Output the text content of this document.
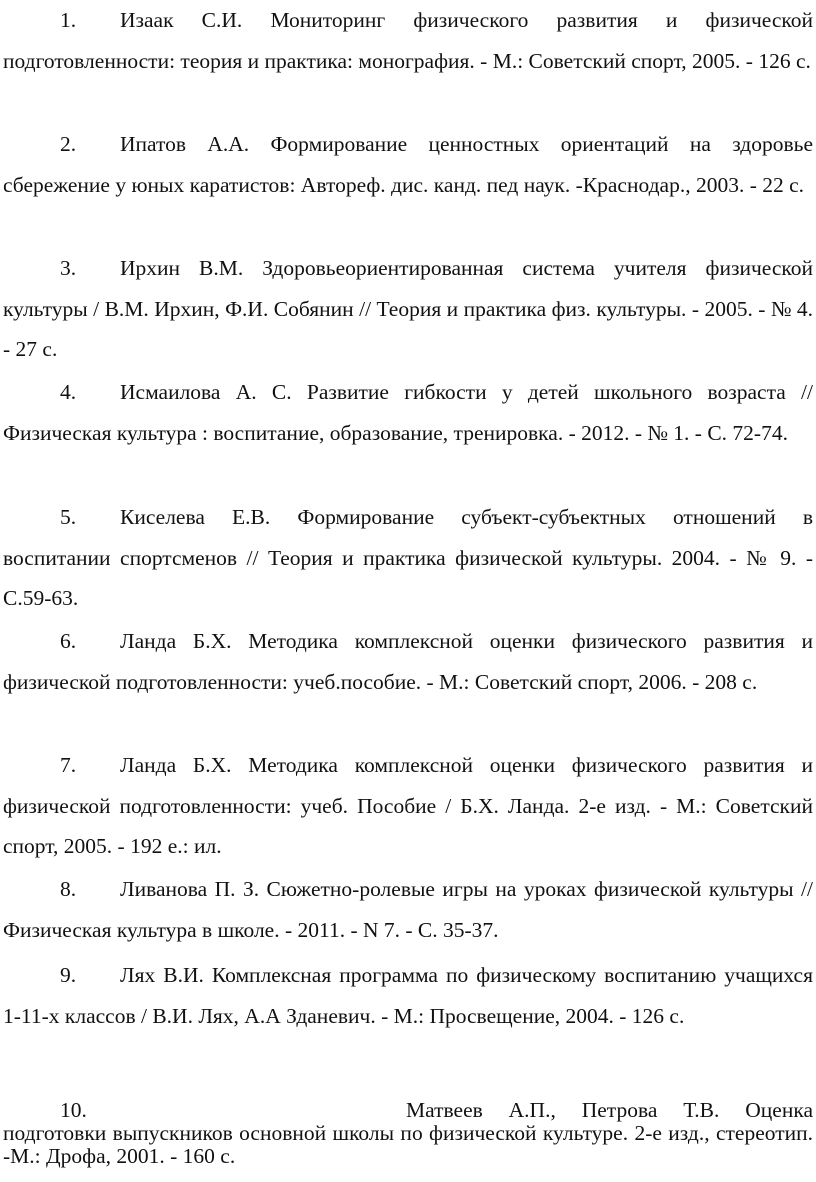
1. Изаак С.И. Мониторинг физического развития и физической подготовленности: теория и практика: монография. - М.: Советский спорт, 2005. - 126 с.

2. Ипатов А.А. Формирование ценностных ориентаций на здоровье сбережение у юных каратистов: Автореф. дис. канд. пед наук. -Краснодар., 2003. - 22 с.

3. Ирхин В.М. Здоровьеориентированная система учителя физической культуры / В.М. Ирхин, Ф.И. Собянин // Теория и практика физ. культуры. - 2005. - № 4. - 27 с.

4. Исмаилова А. С. Развитие гибкости у детей школьного возраста // Физическая культура : воспитание, образование, тренировка. - 2012. - № 1. - С. 72-74.

5. Киселева Е.В. Формирование субъект-субъектных отношений в воспитании спортсменов // Теория и практика физической культуры. 2004. - № 9. - С.59-63.

6. Ланда Б.Х. Методика комплексной оценки физического развития и физической подготовленности: учеб.пособие. - М.: Советский спорт, 2006. - 208 с.

7. Ланда Б.Х. Методика комплексной оценки физического развития и физической подготовленности: учеб. Пособие / Б.Х. Ланда. 2-е изд. - М.: Советский спорт, 2005. - 192 е.: ил.

8. Ливанова П. З. Сюжетно-ролевые игры на уроках физической культуры // Физическая культура в школе. - 2011. - N 7. - С. 35-37.

9. Лях В.И. Комплексная программа по физическому воспитанию учащихся 1-11-х классов / В.И. Лях, А.А Зданевич. - М.: Просвещение, 2004. - 126 с.

10.	Матвеев А.П., Петрова Т.В. Оценка подготовки выпускников основной школы по физической культуре. 2-е изд., стереотип. -М.: Дрофа, 2001. - 160 с.
